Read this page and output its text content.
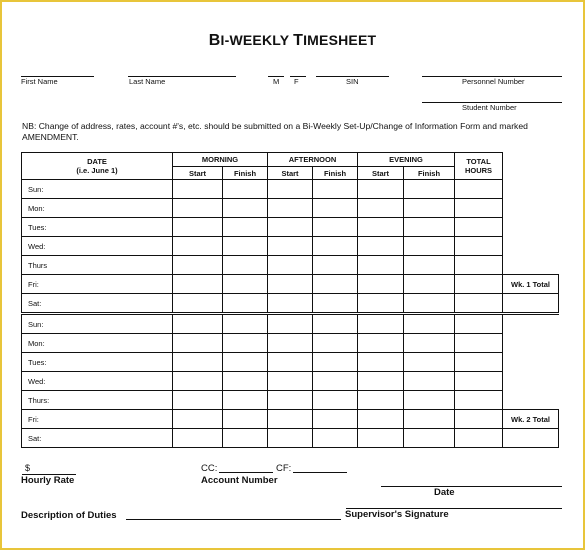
BI-WEEKLY TIMESHEET
First Name	Last Name	M F	SIN	Personnel Number
Student Number
NB: Change of address, rates, account #'s, etc. should be submitted on a Bi-Weekly Set-Up/Change of Information Form and marked AMENDMENT.
DATE
(i.e. June 1)	MORNING		AFTERNOON		EVENING		TOTAL HOURS	
	Start	Finish	Start	Finish	Start	Finish		
Sun:								
Mon:								
Tues:								
Wed:								
Thurs								
Fri:								Wk. 1 Total
Sat:								
Sun:								
Mon:								
Tues:								
Wed:								
Thurs:								
Fri:								Wk. 2 Total
Sat:								
$
Hourly Rate
CC:	CF:
Account Number
Date
Description of Duties	Supervisor's Signature
